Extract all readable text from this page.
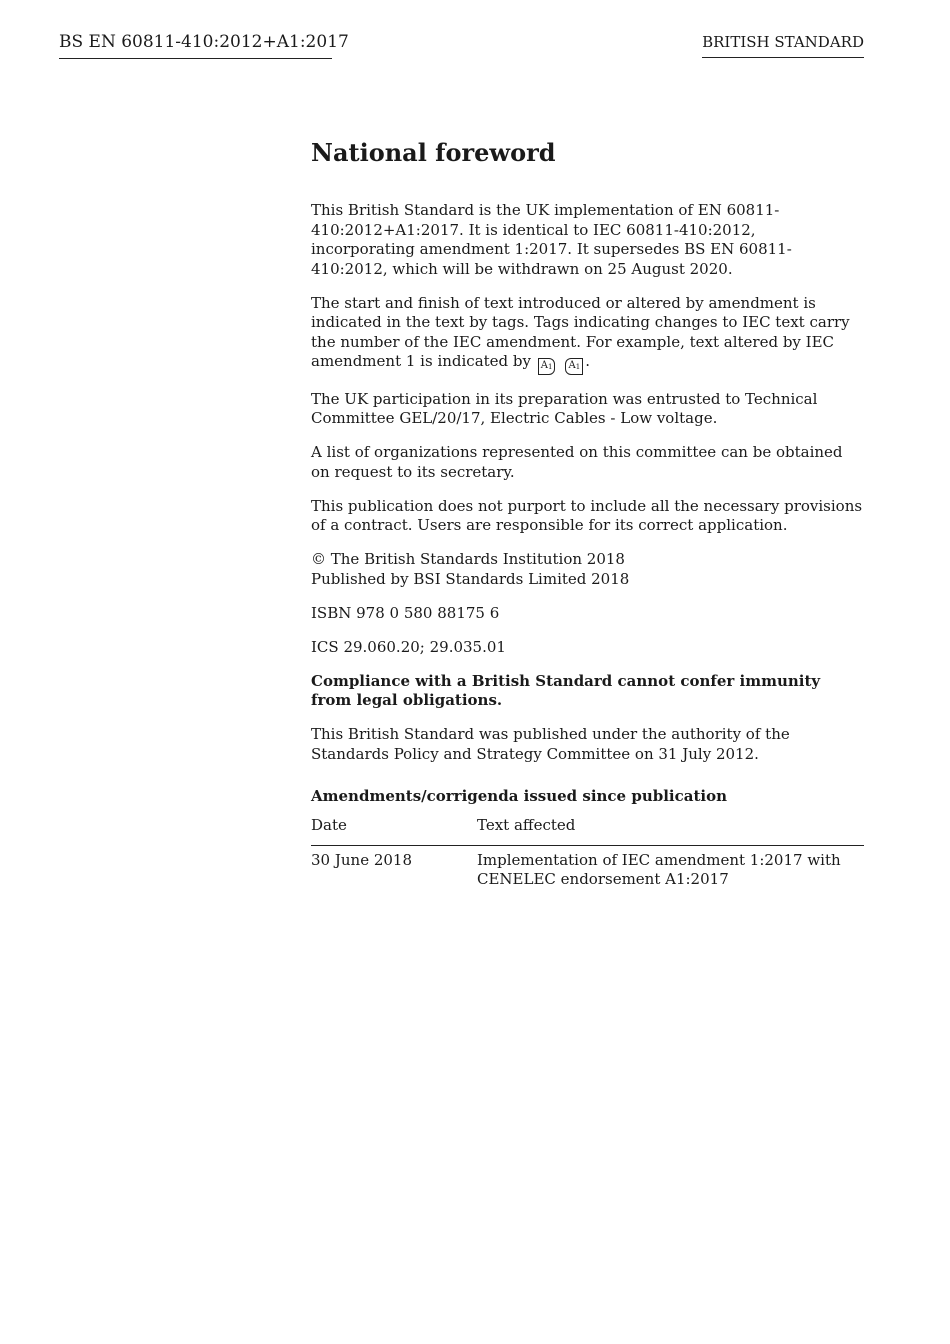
BS EN 60811-410:2012+A1:2017	BRITISH STANDARD
National foreword

This British Standard is the UK implementation of EN 60811-410:2012+A1:2017. It is identical to IEC 60811-410:2012, incorporating amendment 1:2017. It supersedes BS EN 60811-410:2012, which will be withdrawn on 25 August 2020.

The start and finish of text introduced or altered by amendment is indicated in the text by tags. Tags indicating changes to IEC text carry the number of the IEC amendment. For example, text altered by IEC amendment 1 is indicated by $A_1$ $A_1$ .

The UK participation in its preparation was entrusted to Technical Committee GEL/20/17, Electric Cables - Low voltage.

A list of organizations represented on this committee can be obtained on request to its secretary.

This publication does not purport to include all the necessary provisions of a contract. Users are responsible for its correct application.

© The British Standards Institution 2018
Published by BSI Standards Limited 2018

ISBN 978 0 580 88175 6

ICS 29.060.20; 29.035.01

Compliance with a British Standard cannot confer immunity from legal obligations.

This British Standard was published under the authority of the Standards Policy and Strategy Committee on 31 July 2012.

Amendments/corrigenda issued since publication
Date	Text affected
30 June 2018	Implementation of IEC amendment 1:2017 with CENELEC endorsement A1:2017
